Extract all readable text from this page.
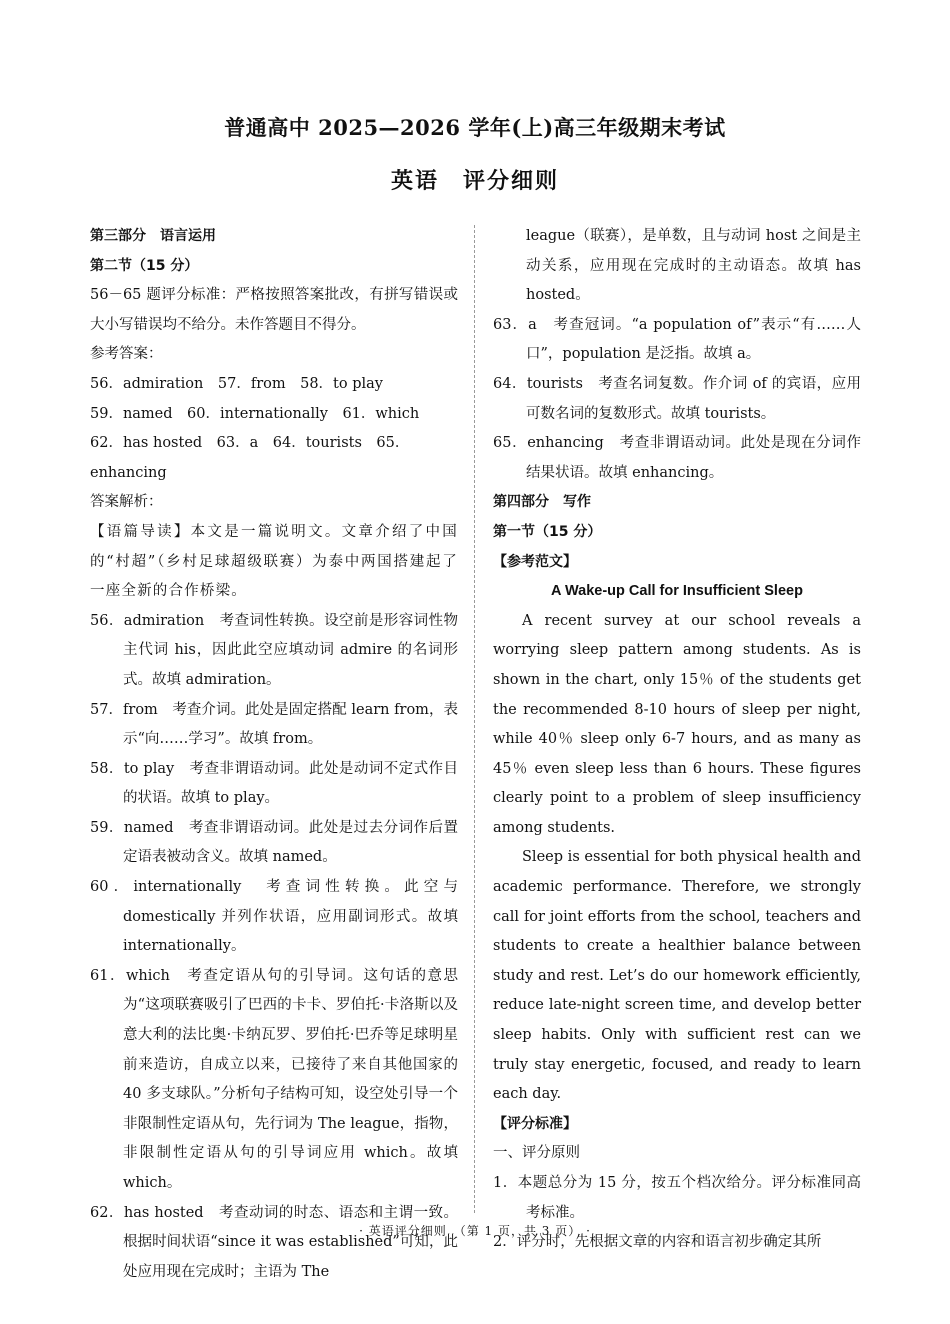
普通高中 2025—2026 学年(上)高三年级期末考试
英语　评分细则

第三部分　语言运用

第二节（15 分）

56－65 题评分标准：严格按照答案批改，有拼写错误或大小写错误均不给分。未作答题目不得分。

参考答案：

56．admiration　57．from　58．to play

59．named　60．internationally　61．which

62．has hosted　63．a　64．tourists　65．enhancing

答案解析：

【语篇导读】本文是一篇说明文。文章介绍了中国的“村超”（乡村足球超级联赛）为泰中两国搭建起了一座全新的合作桥梁。

56．admiration　考查词性转换。设空前是形容词性物主代词 his，因此此空应填动词 admire 的名词形式。故填 admiration。

57．from　考查介词。此处是固定搭配 learn from，表示“向……学习”。故填 from。

58．to play　考查非谓语动词。此处是动词不定式作目的状语。故填 to play。

59．named　考查非谓语动词。此处是过去分词作后置定语表被动含义。故填 named。

60．internationally　考查词性转换。此空与 domestically 并列作状语，应用副词形式。故填 internationally。

61．which　考查定语从句的引导词。这句话的意思为“这项联赛吸引了巴西的卡卡、罗伯托·卡洛斯以及意大利的法比奥·卡纳瓦罗、罗伯托·巴乔等足球明星前来造访，自成立以来，已接待了来自其他国家的 40 多支球队。”分析句子结构可知，设空处引导一个非限制性定语从句，先行词为 The league，指物，非限制性定语从句的引导词应用 which。故填 which。

62．has hosted　考查动词的时态、语态和主谓一致。根据时间状语“since it was established”可知，此处应用现在完成时；主语为 The

league（联赛），是单数，且与动词 host 之间是主动关系，应用现在完成时的主动语态。故填 has hosted。

63．a　考查冠词。“a population of”表示“有……人口”，population 是泛指。故填 a。

64．tourists　考查名词复数。作介词 of 的宾语，应用可数名词的复数形式。故填 tourists。

65．enhancing　考查非谓语动词。此处是现在分词作结果状语。故填 enhancing。

第四部分　写作

第一节（15 分）

【参考范文】

A Wake-up Call for Insufficient Sleep

A recent survey at our school reveals a worrying sleep pattern among students. As is shown in the chart, only 15％ of the students get the recommended 8-10 hours of sleep per night, while 40％ sleep only 6-7 hours, and as many as 45％ even sleep less than 6 hours. These figures clearly point to a problem of sleep insufficiency among students.

Sleep is essential for both physical health and academic performance. Therefore, we strongly call for joint efforts from the school, teachers and students to create a healthier balance between study and rest. Let’s do our homework efficiently, reduce late-night screen time, and develop better sleep habits. Only with sufficient rest can we truly stay energetic, focused, and ready to learn each day.

【评分标准】

一、评分原则

1．本题总分为 15 分，按五个档次给分。评分标准同高考标准。

2．评分时，先根据文章的内容和语言初步确定其所

· 英语评分细则　（第 1 页，共 3 页） ·
